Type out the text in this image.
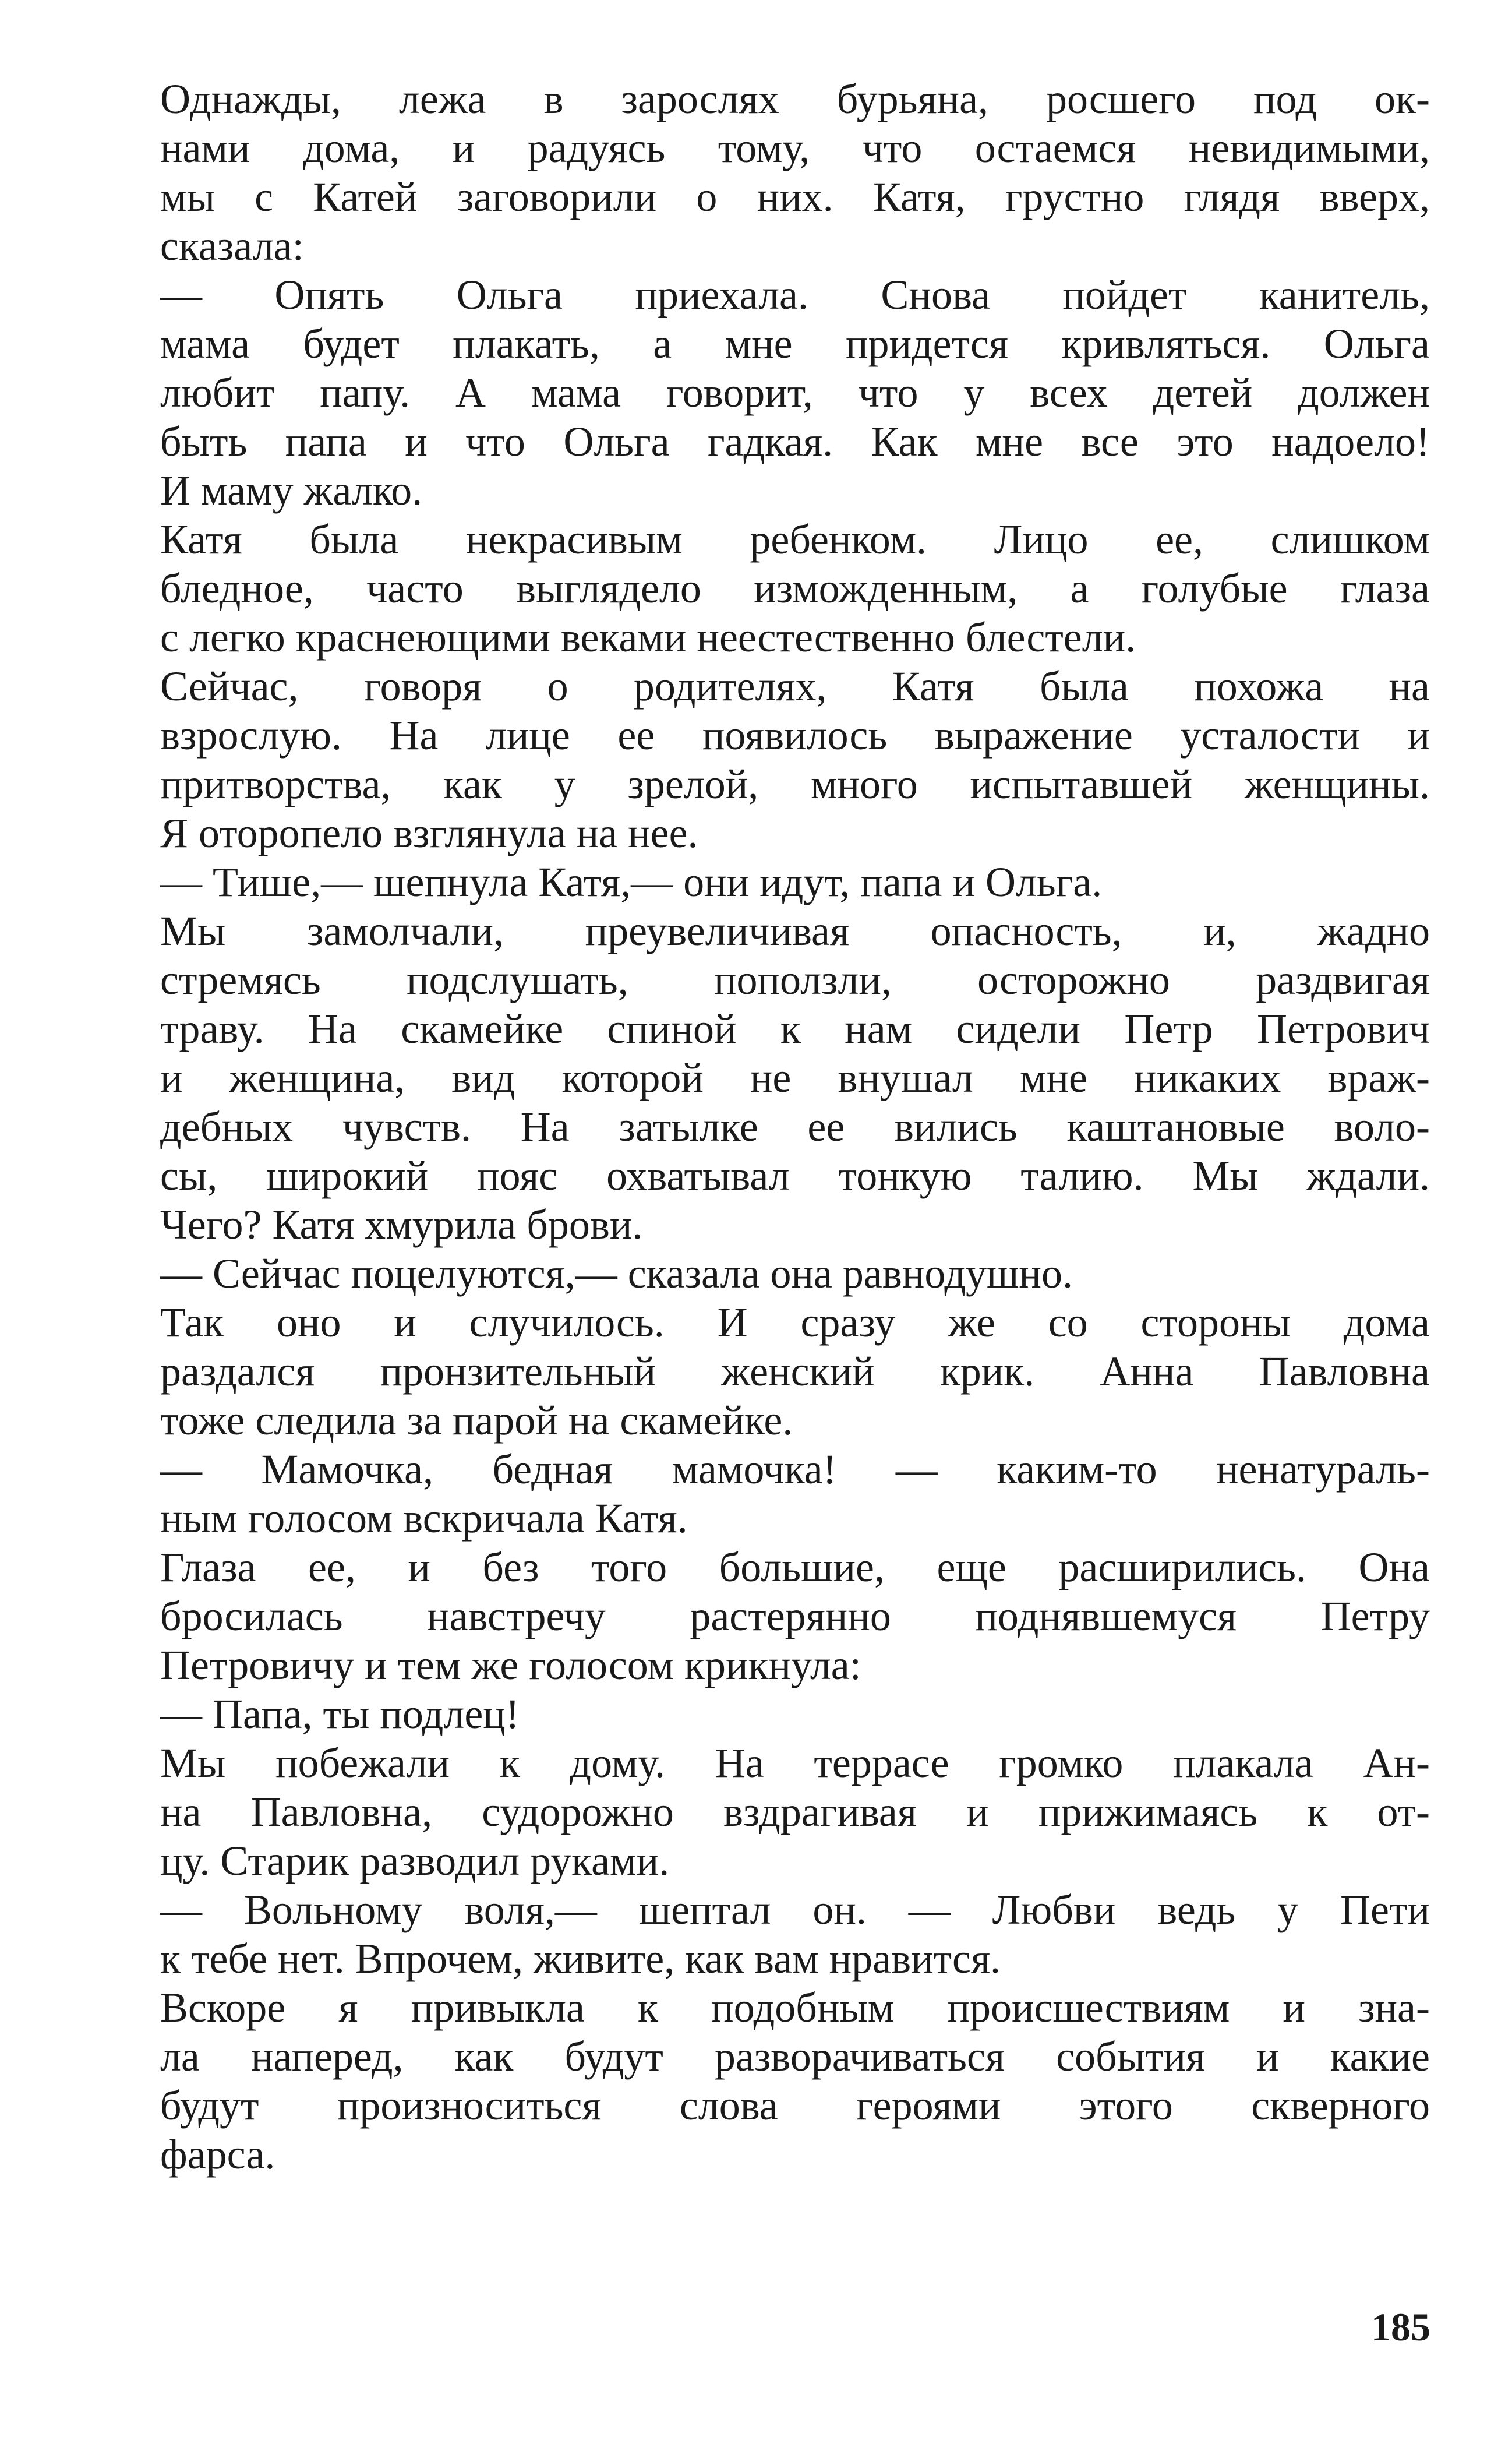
Однажды, лежа в зарослях бурьяна, росшего под ок-
нами дома, и радуясь тому, что остаемся невидимыми,
мы с Катей заговорили о них. Катя, грустно глядя вверх,
сказала:
— Опять Ольга приехала. Снова пойдет канитель,
мама будет плакать, а мне придется кривляться. Ольга
любит папу. А мама говорит, что у всех детей должен
быть папа и что Ольга гадкая. Как мне все это надоело!
И маму жалко.
Катя была некрасивым ребенком. Лицо ее, слишком
бледное, часто выглядело изможденным, а голубые глаза
с легко краснеющими веками неестественно блестели.
Сейчас, говоря о родителях, Катя была похожа на
взрослую. На лице ее появилось выражение усталости и
притворства, как у зрелой, много испытавшей женщины.
Я оторопело взглянула на нее.
— Тише,— шепнула Катя,— они идут, папа и Ольга.
Мы замолчали, преувеличивая опасность, и, жадно
стремясь подслушать, поползли, осторожно раздвигая
траву. На скамейке спиной к нам сидели Петр Петрович
и женщина, вид которой не внушал мне никаких враж-
дебных чувств. На затылке ее вились каштановые воло-
сы, широкий пояс охватывал тонкую талию. Мы ждали.
Чего? Катя хмурила брови.
— Сейчас поцелуются,— сказала она равнодушно.
Так оно и случилось. И сразу же со стороны дома
раздался пронзительный женский крик. Анна Павловна
тоже следила за парой на скамейке.
— Мамочка, бедная мамочка! — каким-то ненатураль-
ным голосом вскричала Катя.
Глаза ее, и без того большие, еще расширились. Она
бросилась навстречу растерянно поднявшемуся Петру
Петровичу и тем же голосом крикнула:
— Папа, ты подлец!
Мы побежали к дому. На террасе громко плакала Ан-
на Павловна, судорожно вздрагивая и прижимаясь к от-
цу. Старик разводил руками.
— Вольному воля,— шептал он. — Любви ведь у Пети
к тебе нет. Впрочем, живите, как вам нравится.
Вскоре я привыкла к подобным происшествиям и зна-
ла наперед, как будут разворачиваться события и какие
будут произноситься слова героями этого скверного
фарса.
185
